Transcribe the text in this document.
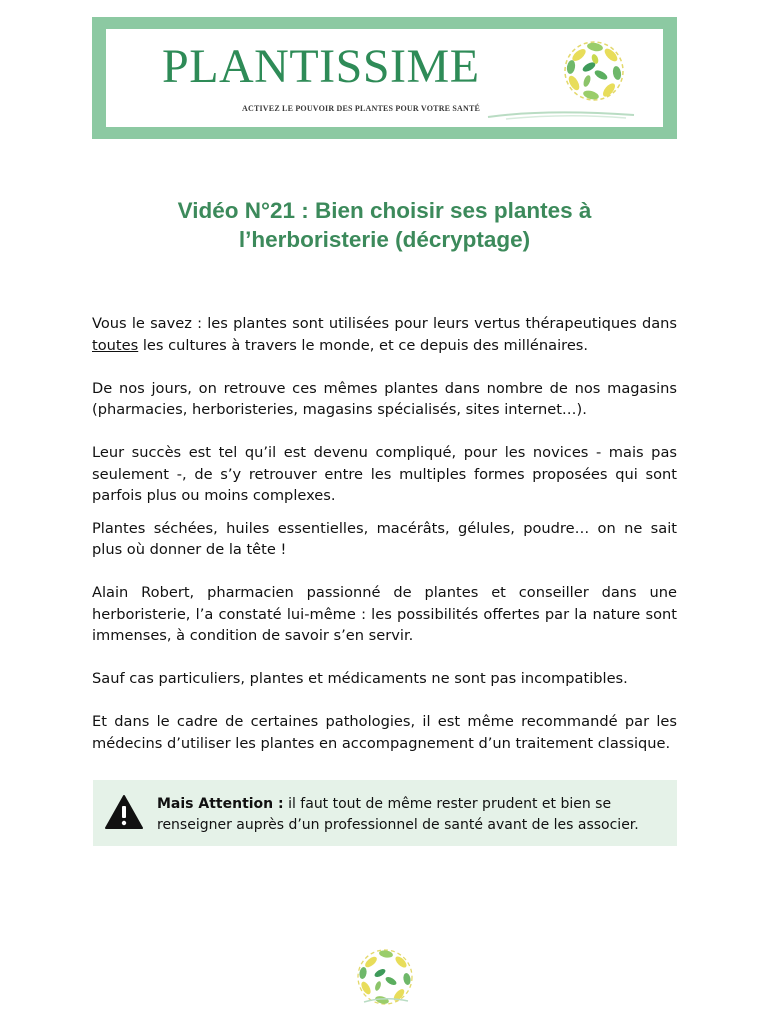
PLANTISSIME
ACTIVEZ LE POUVOIR DES PLANTES POUR VOTRE SANTÉ
Vidéo N°21 : Bien choisir ses plantes à
l’herboristerie (décryptage)

Vous le savez : les plantes sont utilisées pour leurs vertus thérapeutiques dans toutes les cultures à travers le monde, et ce depuis des millénaires.

De nos jours, on retrouve ces mêmes plantes dans nombre de nos magasins (pharmacies, herboristeries, magasins spécialisés, sites internet…).

Leur succès est tel qu’il est devenu compliqué, pour les novices - mais pas seulement -, de s’y retrouver entre les multiples formes proposées qui sont parfois plus ou moins complexes.

Plantes séchées, huiles essentielles, macérâts, gélules, poudre… on ne sait plus où donner de la tête !

Alain Robert, pharmacien passionné de plantes et conseiller dans une herboristerie, l’a constaté lui-même : les possibilités offertes par la nature sont immenses, à condition de savoir s’en servir.

Sauf cas particuliers, plantes et médicaments ne sont pas incompatibles.

Et dans le cadre de certaines pathologies, il est même recommandé par les médecins d’utiliser les plantes en accompagnement d’un traitement classique.

Mais Attention : il faut tout de même rester prudent et bien se renseigner auprès d’un professionnel de santé avant de les associer.
